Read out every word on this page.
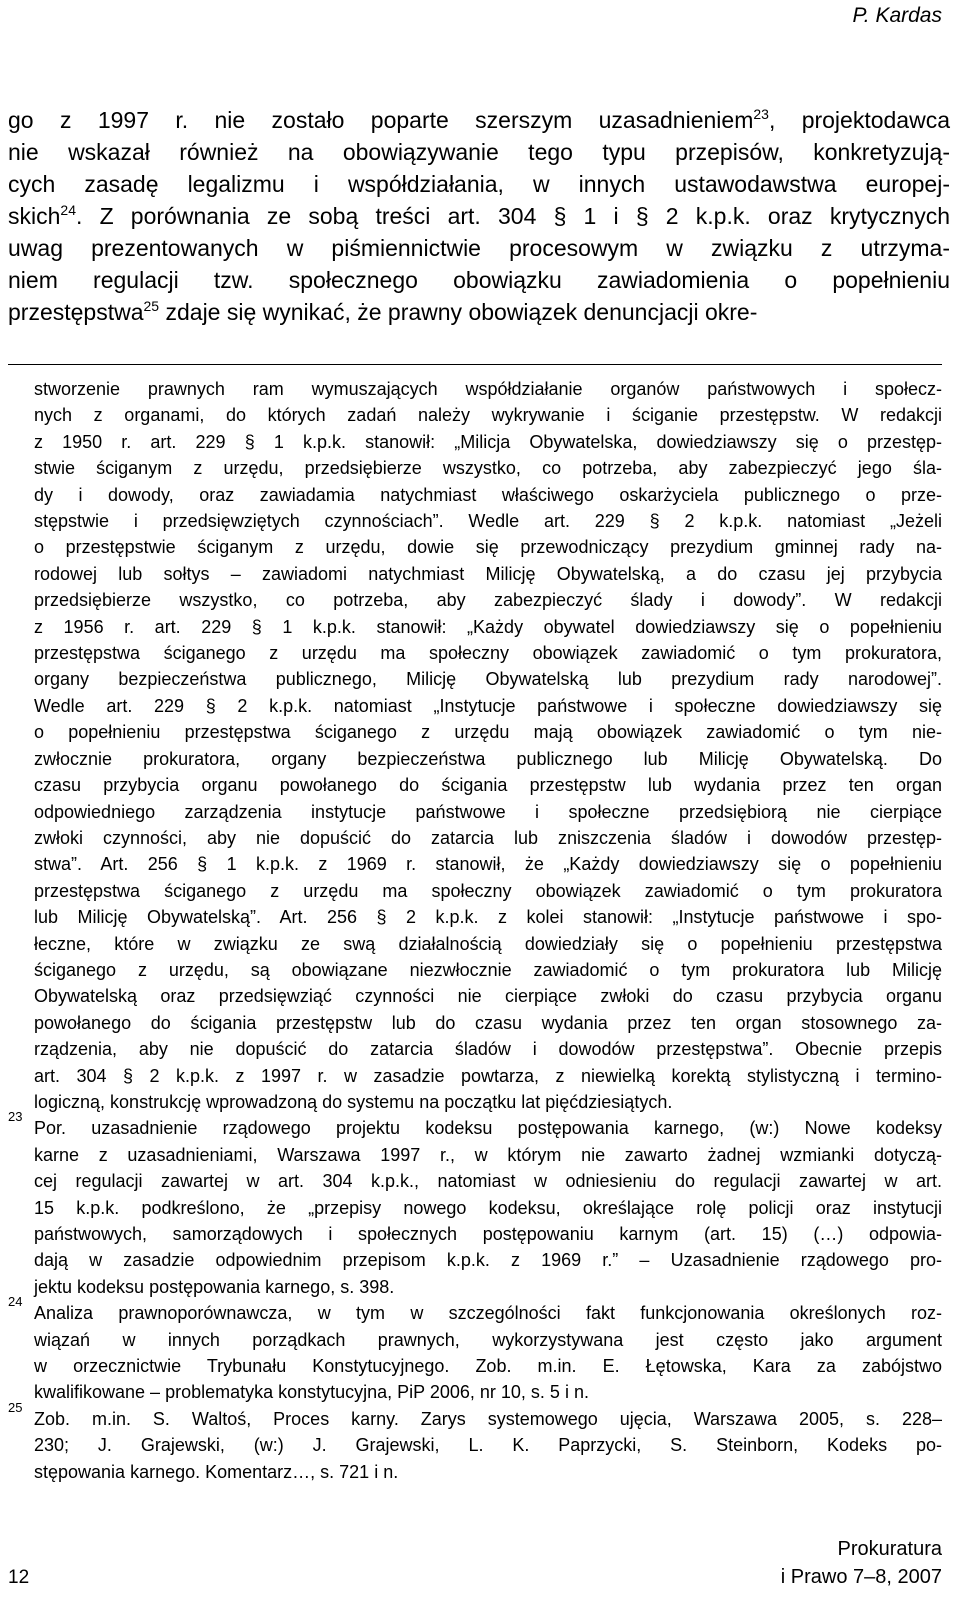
P. Kardas
go z 1997 r. nie zostało poparte szerszym uzasadnieniem$^{23}$, projektodawca
nie wskazał również na obowiązywanie tego typu przepisów, konkretyzują-
cych zasadę legalizmu i współdziałania, w innych ustawodawstwa europej-
skich$^{24}$. Z porównania ze sobą treści art. 304 § 1 i § 2 k.p.k. oraz krytycznych
uwag prezentowanych w piśmiennictwie procesowym w związku z utrzyma-
niem regulacji tzw. społecznego obowiązku zawiadomienia o popełnieniu
przestępstwa$^{25}$ zdaje się wynikać, że prawny obowiązek denuncjacji okre-
stworzenie prawnych ram wymuszających współdziałanie organów państwowych i społecz-
nych z organami, do których zadań należy wykrywanie i ściganie przestępstw. W redakcji
z 1950 r. art. 229 § 1 k.p.k. stanowił: „Milicja Obywatelska, dowiedziawszy się o przestęp-
stwie ściganym z urzędu, przedsiębierze wszystko, co potrzeba, aby zabezpieczyć jego śla-
dy i dowody, oraz zawiadamia natychmiast właściwego oskarżyciela publicznego o prze-
stępstwie i przedsięwziętych czynnościach”. Wedle art. 229 § 2 k.p.k. natomiast „Jeżeli
o przestępstwie ściganym z urzędu, dowie się przewodniczący prezydium gminnej rady na-
rodowej lub sołtys – zawiadomi natychmiast Milicję Obywatelską, a do czasu jej przybycia
przedsiębierze wszystko, co potrzeba, aby zabezpieczyć ślady i dowody”. W redakcji
z 1956 r. art. 229 § 1 k.p.k. stanowił: „Każdy obywatel dowiedziawszy się o popełnieniu
przestępstwa ściganego z urzędu ma społeczny obowiązek zawiadomić o tym prokuratora,
organy bezpieczeństwa publicznego, Milicję Obywatelską lub prezydium rady narodowej”.
Wedle art. 229 § 2 k.p.k. natomiast „Instytucje państwowe i społeczne dowiedziawszy się
o popełnieniu przestępstwa ściganego z urzędu mają obowiązek zawiadomić o tym nie-
zwłocznie prokuratora, organy bezpieczeństwa publicznego lub Milicję Obywatelską. Do
czasu przybycia organu powołanego do ścigania przestępstw lub wydania przez ten organ
odpowiedniego zarządzenia instytucje państwowe i społeczne przedsiębiorą nie cierpiące
zwłoki czynności, aby nie dopuścić do zatarcia lub zniszczenia śladów i dowodów przestęp-
stwa”. Art. 256 § 1 k.p.k. z 1969 r. stanowił, że „Każdy dowiedziawszy się o popełnieniu
przestępstwa ściganego z urzędu ma społeczny obowiązek zawiadomić o tym prokuratora
lub Milicję Obywatelską”. Art. 256 § 2 k.p.k. z kolei stanowił: „Instytucje państwowe i spo-
łeczne, które w związku ze swą działalnością dowiedziały się o popełnieniu przestępstwa
ściganego z urzędu, są obowiązane niezwłocznie zawiadomić o tym prokuratora lub Milicję
Obywatelską oraz przedsięwziąć czynności nie cierpiące zwłoki do czasu przybycia organu
powołanego do ścigania przestępstw lub do czasu wydania przez ten organ stosownego za-
rządzenia, aby nie dopuścić do zatarcia śladów i dowodów przestępstwa”. Obecnie przepis
art. 304 § 2 k.p.k. z 1997 r. w zasadzie powtarza, z niewielką korektą stylistyczną i termino-
logiczną, konstrukcję wprowadzoną do systemu na początku lat pięćdziesiątych.
23
Por. uzasadnienie rządowego projektu kodeksu postępowania karnego, (w:) Nowe kodeksy
karne z uzasadnieniami, Warszawa 1997 r., w którym nie zawarto żadnej wzmianki dotyczą-
cej regulacji zawartej w art. 304 k.p.k., natomiast w odniesieniu do regulacji zawartej w art.
15 k.p.k. podkreślono, że „przepisy nowego kodeksu, określające rolę policji oraz instytucji
państwowych, samorządowych i społecznych postępowaniu karnym (art. 15) (…) odpowia-
dają w zasadzie odpowiednim przepisom k.p.k. z 1969 r.” – Uzasadnienie rządowego pro-
jektu kodeksu postępowania karnego, s. 398.
24
Analiza prawnoporównawcza, w tym w szczególności fakt funkcjonowania określonych roz-
wiązań w innych porządkach prawnych, wykorzystywana jest często jako argument
w orzecznictwie Trybunału Konstytucyjnego. Zob. m.in. E. Łętowska, Kara za zabójstwo
kwalifikowane – problematyka konstytucyjna, PiP 2006, nr 10, s. 5 i n.
25
Zob. m.in. S. Waltoś, Proces karny. Zarys systemowego ujęcia, Warszawa 2005, s. 228–
230; J. Grajewski, (w:) J. Grajewski, L. K. Paprzycki, S. Steinborn, Kodeks po-
stępowania karnego. Komentarz…, s. 721 i n.
12
Prokuratura
i Prawo 7–8, 2007
